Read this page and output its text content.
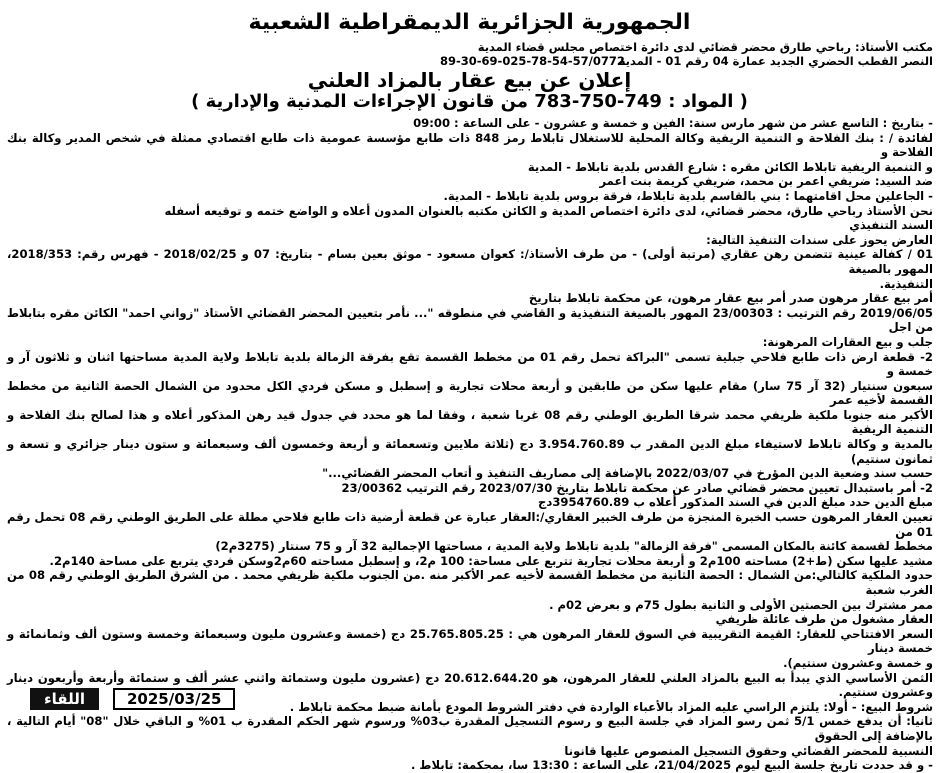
الجمهورية الجزائرية الديمقراطية الشعبية
مكتب الأستاذ: رباحي طارق محضر قضائي لدى دائرة اختصاص مجلس قضاء المدية
النصر القطب الحضري الجديد عمارة 04 رقم 01 - المدية
89-30-69-025-78-54-57/0772
إعلان عن بيع عقار بالمزاد العلني
( المواد : 749-750-783 من قانون الإجراءات المدنية والإدارية )

- بتاريخ : التاسع عشر من شهر مارس سنة: الفين و خمسة و عشرون - على الساعة : 09:00

لفائدة / : بنك الفلاحة و التنمية الريفية وكالة المحلية للاستغلال تابلاط رمز 848 ذات طابع مؤسسة عمومية ذات طابع اقتصادي ممثلة في شخص المدير وكالة بنك الفلاحة و

و التنمية الريفية تابلاط الكائن مقره : شارع القدس بلدية تابلاط - المدية

ضد السيد: ضريفي اعمر بن محمد، ضريفي كريمة بنت اعمر

- الجاعلين محل اقامتهما : بني بالقاسم بلدية تابلاط، فرقة بروس بلدية تابلاط - المدية.

نحن الأستاذ رباحي طارق، محضر قضائي، لدى دائرة اختصاص المدية و الكائن مكتبه بالعنوان المدون أعلاه و الواضع ختمه و توقيعه أسفله

السند التنفيذي

العارض يحوز على سندات التنفيذ التالية:

01 / كفالة عينية تتضمن رهن عقاري (مرتبة أولى) - من طرف الأستاذ/: كعوان مسعود - موثق بعين بسام - بتاريخ: 07 و 2018/02/25 - فهرس رقم: 2018/353، المهور بالصيغة

التنفيذية.

أمر بيع عقار مرهون صدر أمر بيع عقار مرهون، عن محكمة تابلاط بتاريخ

2019/06/05 رقم الترتيب : 23/00303 المهور بالصيغة التنفيذية و القاضي في منطوقه "... نأمر بتعيين المحضر القضائي الأستاذ "زواني احمد" الكائن مقره بتابلاط من اجل

جلب و بيع العقارات المرهونة:

2- قطعة ارض ذات طابع فلاحي جبلية تسمى "البراكة تحمل رقم 01 من مخطط القسمة تقع بفرقة الزمالة بلدية تابلاط ولاية المدية مساحتها اثنان و ثلاثون آر و خمسة و

سبعون سنتيار (32 آر 75 سار) مقام عليها سكن من طابقين و أربعة محلات تجارية و إسطبل و مسكن فردي الكل محدود من الشمال الحصة الثانية من مخطط القسمة لأخيه عمر

الأكبر منه جنوبا ملكية ظريفي محمد شرقا الطريق الوطني رقم 08 غربا شعبة ، وفقا لما هو محدد في جدول قيد رهن المذكور أعلاه و هذا لصالح بنك الفلاحة و التنمية الريفية

بالمدية و وكالة تابلاط لاستيفاء مبلغ الدين المقدر ب 3.954.760.89 دج (ثلاثة ملايين وتسعمائة و أربعة وخمسون ألف وسبعمائة و ستون دينار جزائري و تسعة و ثمانون سنتيم)

حسب سند وضعية الدين المؤرخ في 2022/03/07 بالإضافة إلى مصاريف التنفيذ و أتعاب المحضر القضائي..."

2- أمر باستبدال تعيين محضر قضائي صادر عن محكمة تابلاط بتاريخ 2023/07/30 رقم الترتيب 23/00362

مبلغ الدين حدد مبلغ الدين في السند المذكور أعلاه ب 3954760.89دج

تعيين العقار المرهون حسب الخبرة المنجزة من طرف الخبير العقاري/:العقار عبارة عن قطعة أرضية ذات طابع فلاحي مطلة على الطريق الوطني رقم 08 تحمل رقم 01 من

مخطط لقسمة كائنة بالمكان المسمى "فرقة الزمالة" بلدية تابلاط ولاية المدية ، مساحتها الإجمالية 32 آر و 75 سنتار (3275م2)

مشيد عليها سكن (ط+2) مساحته 100م2 و أربعة محلات تجارية تتربع على مساحة: 100 م2، و إسطبل مساحته 60م2وسكن فردي يتربع على مساحة 140م2.

حدود الملكية كالتالي:من الشمال : الحصة الثانية من مخطط القسمة لأخيه عمر الأكبر منه .من الجنوب ملكية ظريفي محمد . من الشرق الطريق الوطني رقم 08 من الغرب شعبة

ممر مشترك بين الحصتين الأولى و الثانية بطول 75م و بعرض 02م .

العقار مشغول من طرف عائلة ظريفي

السعر الافتتاحي للعقار: القيمة التقريبية في السوق للعقار المرهون هي : 25.765.805.25 دج (خمسة وعشرون مليون وسبعمائة وخمسة وستون ألف وثمانمائة و خمسة دينار

و خمسة وعشرون سنتيم).

الثمن الأساسي الذي يبدأ به البيع بالمزاد العلني للعقار المرهون، هو 20.612.644.20 دج (عشرون مليون وستمائة واثني عشر ألف و ستمائة وأربعة وأربعون دينار وعشرون سنتيم.

شروط البيع: - أولا: يلتزم الراسي عليه المزاد بالأعباء الواردة في دفتر الشروط المودع بأمانة ضبط محكمة تابلاط .

ثانيا: أن يدفع خمس 5/1 ثمن رسو المزاد في جلسة البيع و رسوم التسجيل المقدرة ب03% ورسوم شهر الحكم المقدرة ب 01% و الباقي خلال "08" أيام التالية ، بالإضافة إلى الحقوق

النسبية للمحضر القضائي وحقوق التسجيل المنصوص عليها قانونا

- و قد حددت تاريخ جلسة البيع ليوم 21/04/2025، على الساعة : 13:30 سا، بمحكمة: تابلاط .

اللقاء	2025/03/25
